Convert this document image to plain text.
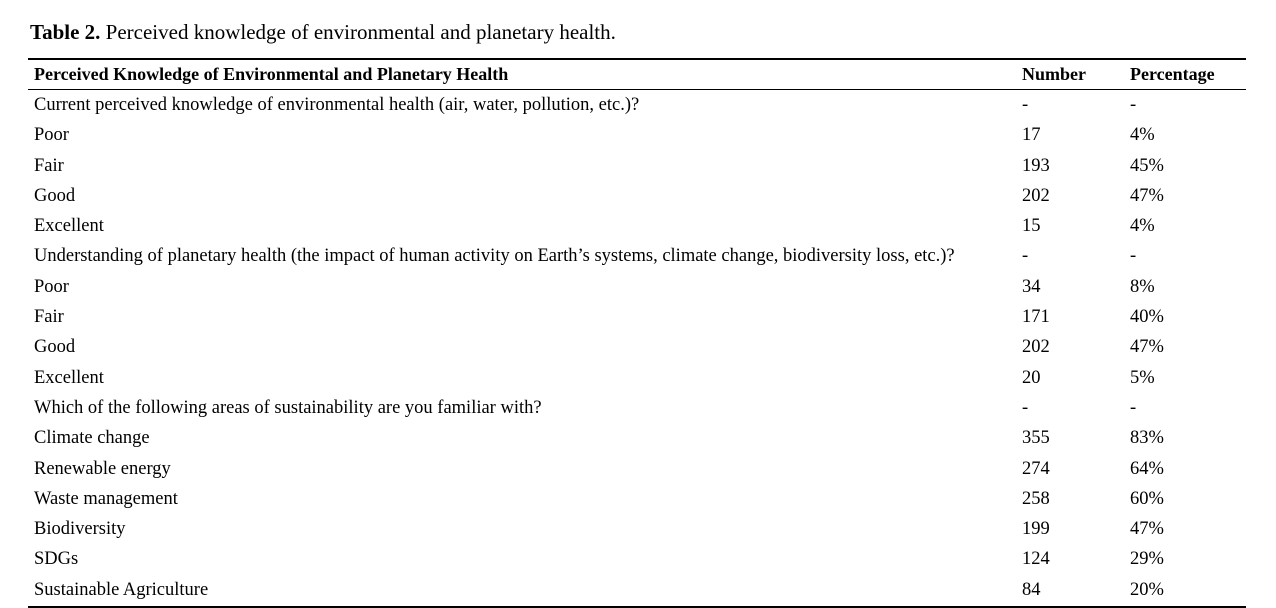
Table 2. Perceived knowledge of environmental and planetary health.
Perceived Knowledge of Environmental and Planetary Health	Number	Percentage
Current perceived knowledge of environmental health (air, water, pollution, etc.)?	-	-
Poor	17	4%
Fair	193	45%
Good	202	47%
Excellent	15	4%
Understanding of planetary health (the impact of human activity on Earth’s systems, climate change, biodiversity loss, etc.)?	-	-
Poor	34	8%
Fair	171	40%
Good	202	47%
Excellent	20	5%
Which of the following areas of sustainability are you familiar with?	-	-
Climate change	355	83%
Renewable energy	274	64%
Waste management	258	60%
Biodiversity	199	47%
SDGs	124	29%
Sustainable Agriculture	84	20%
